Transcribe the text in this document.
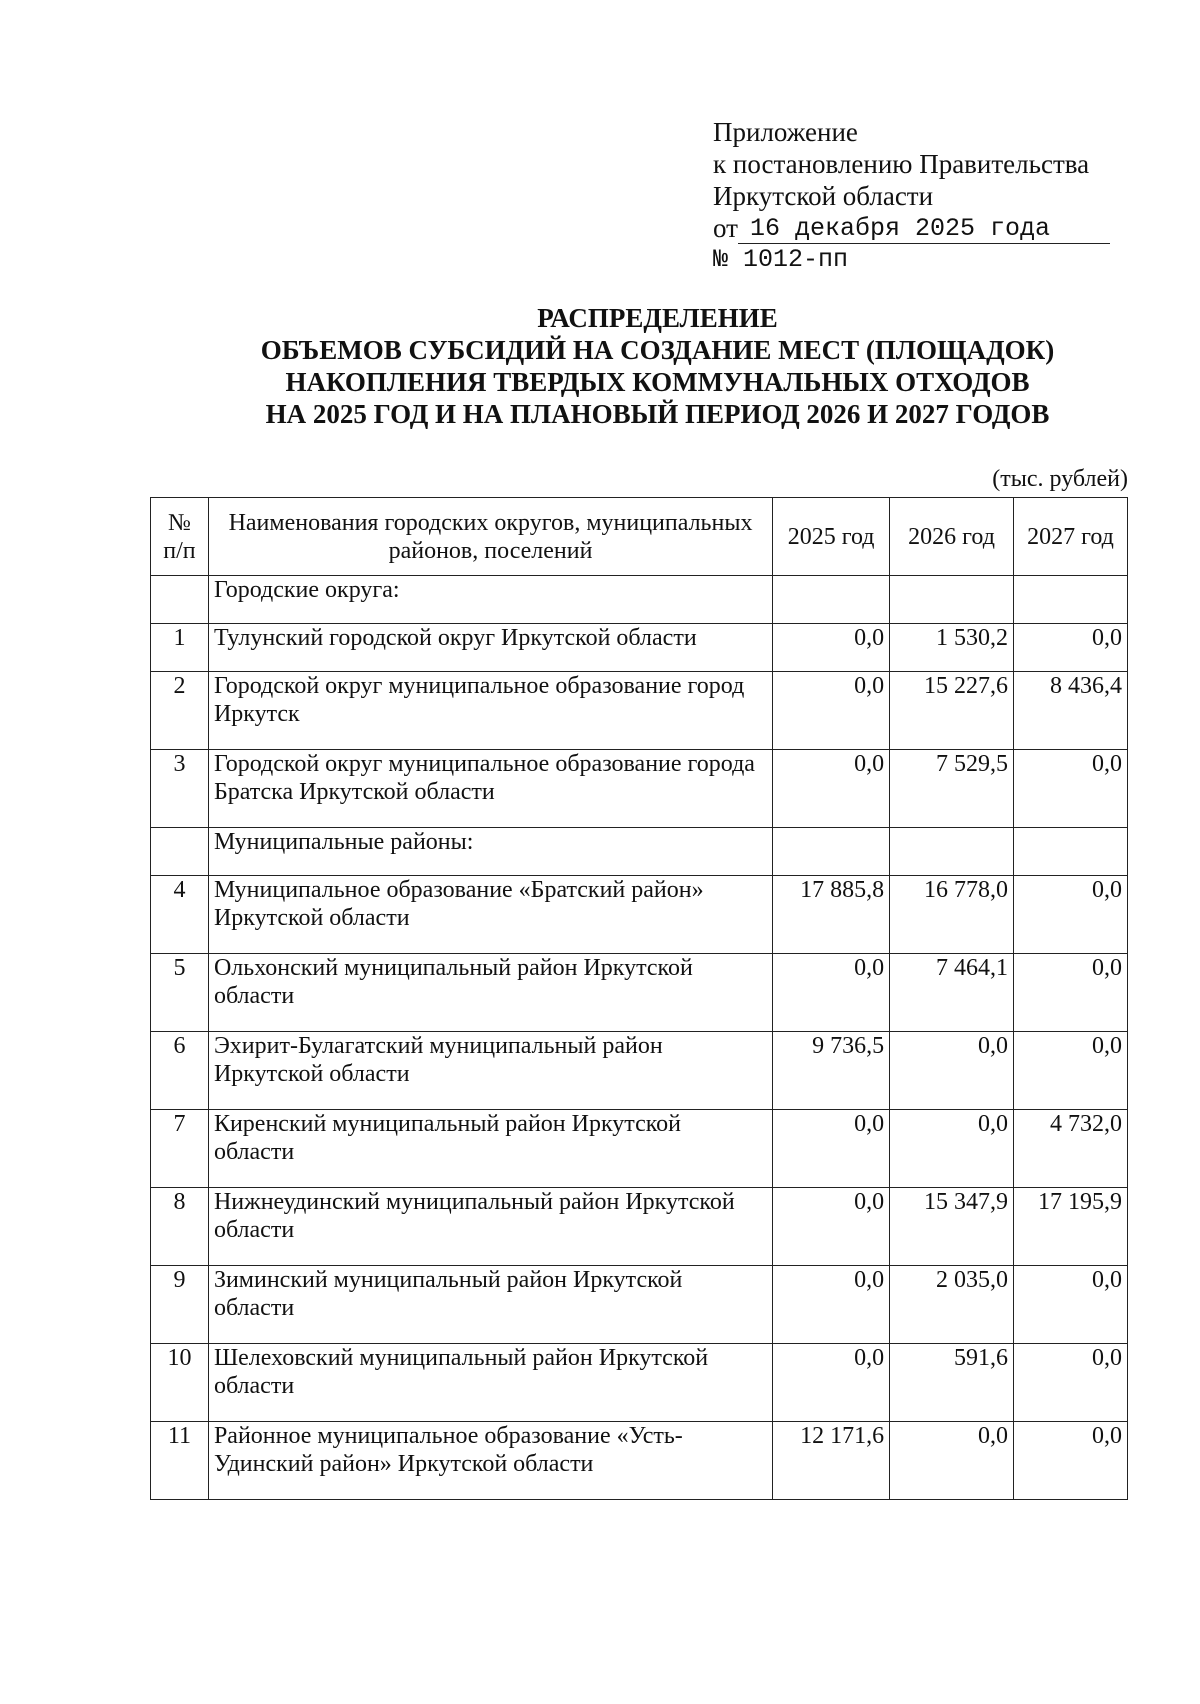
Приложение
к постановлению Правительства
Иркутской области
от 16 декабря 2025 года
№ 1012-пп
РАСПРЕДЕЛЕНИЕ
ОБЪЕМОВ СУБСИДИЙ НА СОЗДАНИЕ МЕСТ (ПЛОЩАДОК)
НАКОПЛЕНИЯ ТВЕРДЫХ КОММУНАЛЬНЫХ ОТХОДОВ
НА 2025 ГОД И НА ПЛАНОВЫЙ ПЕРИОД 2026 И 2027 ГОДОВ
(тыс. рублей)
№ п/п	Наименования городских округов, муниципальных районов, поселений	2025 год	2026 год	2027 год
	Городские округа:			
1	Тулунский городской округ Иркутской области	0,0	1 530,2	0,0
2	Городской округ муниципальное образование город Иркутск	0,0	15 227,6	8 436,4
3	Городской округ муниципальное образование города Братска Иркутской области	0,0	7 529,5	0,0
	Муниципальные районы:			
4	Муниципальное образование «Братский район» Иркутской области	17 885,8	16 778,0	0,0
5	Ольхонский муниципальный район Иркутской области	0,0	7 464,1	0,0
6	Эхирит-Булагатский муниципальный район Иркутской области	9 736,5	0,0	0,0
7	Киренский муниципальный район Иркутской области	0,0	0,0	4 732,0
8	Нижнеудинский муниципальный район Иркутской области	0,0	15 347,9	17 195,9
9	Зиминский муниципальный район Иркутской области	0,0	2 035,0	0,0
10	Шелеховский муниципальный район Иркутской области	0,0	591,6	0,0
11	Районное муниципальное образование «Усть-Удинский район» Иркутской области	12 171,6	0,0	0,0
